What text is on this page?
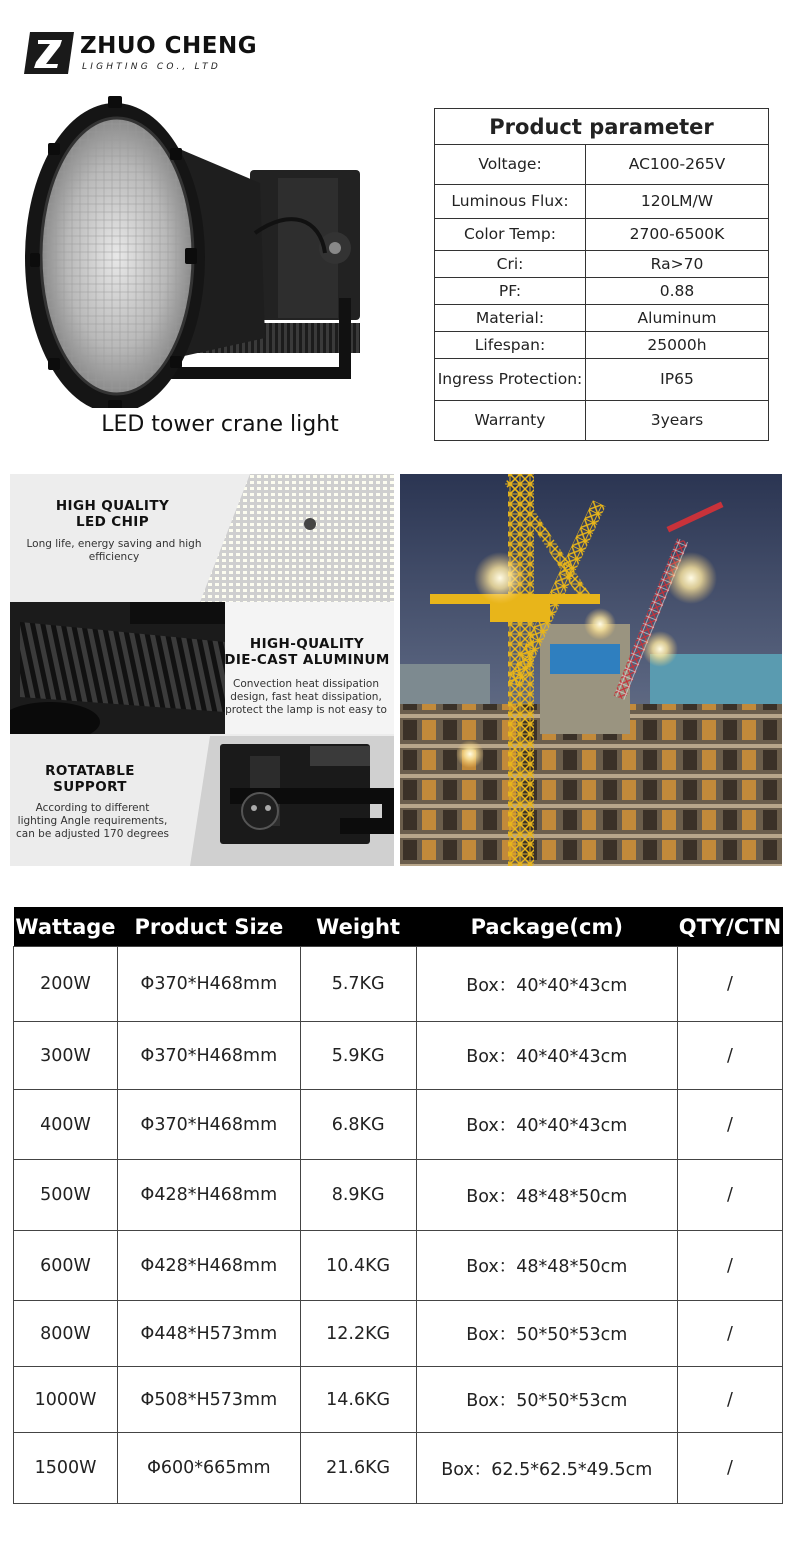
ZHUO CHENG
LIGHTING CO., LTD
LED tower crane light
Product parameter	
Voltage:	AC100-265V
Luminous Flux:	120LM/W
Color Temp:	2700-6500K
Cri:	Ra>70
PF:	0.88
Material:	Aluminum
Lifespan:	25000h
Ingress Protection:	IP65
Warranty	3years
HIGH QUALITY
LED CHIP
Long life, energy saving and high
efficiency
HIGH-QUALITY
DIE-CAST ALUMINUM
Convection heat dissipation
design, fast heat dissipation,
protect the lamp is not easy to
ROTATABLE
SUPPORT
According to different
lighting Angle requirements,
can be adjusted 170 degrees
Wattage	Product Size	Weight	Package(cm)	QTY/CTN
200W	Φ370*H468mm	5.7KG	Box：40*40*43cm	/
300W	Φ370*H468mm	5.9KG	Box：40*40*43cm	/
400W	Φ370*H468mm	6.8KG	Box：40*40*43cm	/
500W	Φ428*H468mm	8.9KG	Box：48*48*50cm	/
600W	Φ428*H468mm	10.4KG	Box：48*48*50cm	/
800W	Φ448*H573mm	12.2KG	Box：50*50*53cm	/
1000W	Φ508*H573mm	14.6KG	Box：50*50*53cm	/
1500W	Φ600*665mm	21.6KG	Box：62.5*62.5*49.5cm	/
